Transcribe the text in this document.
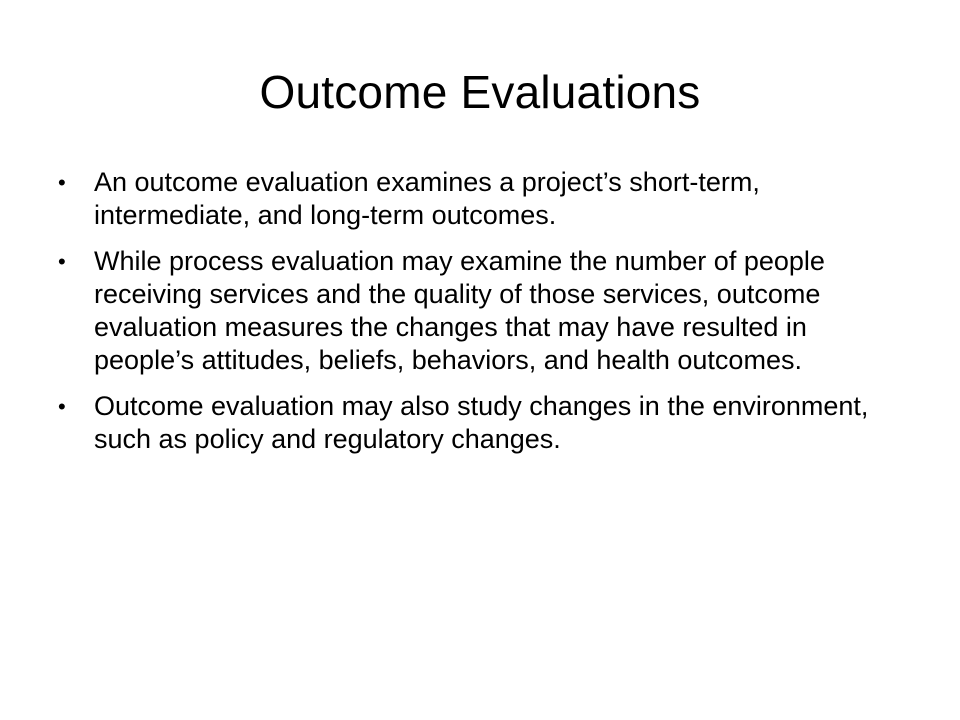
Outcome Evaluations
•	An outcome evaluation examines a project’s short-term, intermediate, and long-term outcomes.
•	While process evaluation may examine the number of people receiving services and the quality of those services, outcome evaluation measures the changes that may have resulted in people’s attitudes, beliefs, behaviors, and health outcomes.
•	Outcome evaluation may also study changes in the environment, such as policy and regulatory changes.
